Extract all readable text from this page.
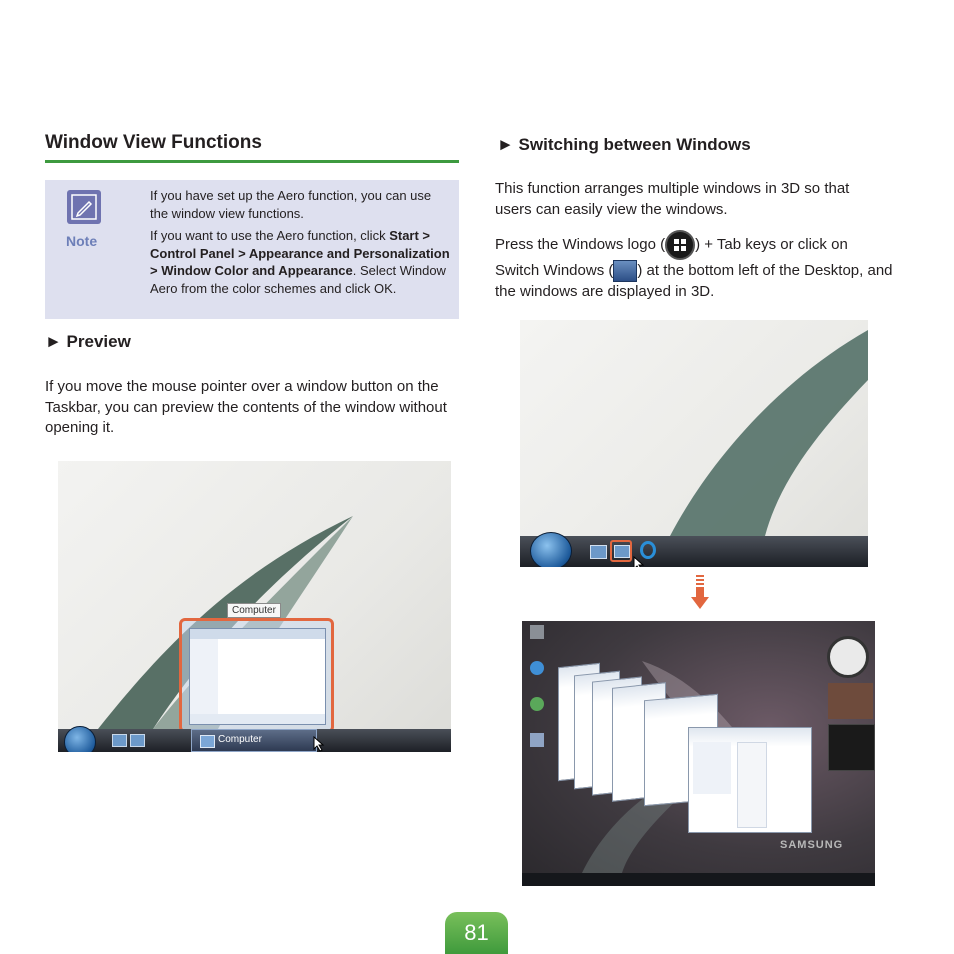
Window View Functions
Note
If you have set up the Aero function, you can use the window view functions.
If you want to use the Aero function, click Start > Control Panel > Appearance and Personalization > Window Color and Appearance. Select Window Aero from the color schemes and click OK.
► Preview
If you move the mouse pointer over a window button on the Taskbar, you can preview the contents of the window without opening it.
Computer
Computer
► Switching between Windows
This function arranges multiple windows in 3D so that users can easily view the windows.
Press the Windows logo ( ) + Tab keys or click on Switch Windows ( ) at the bottom left of the Desktop, and the windows are displayed in 3D.
SAMSUNG
81
